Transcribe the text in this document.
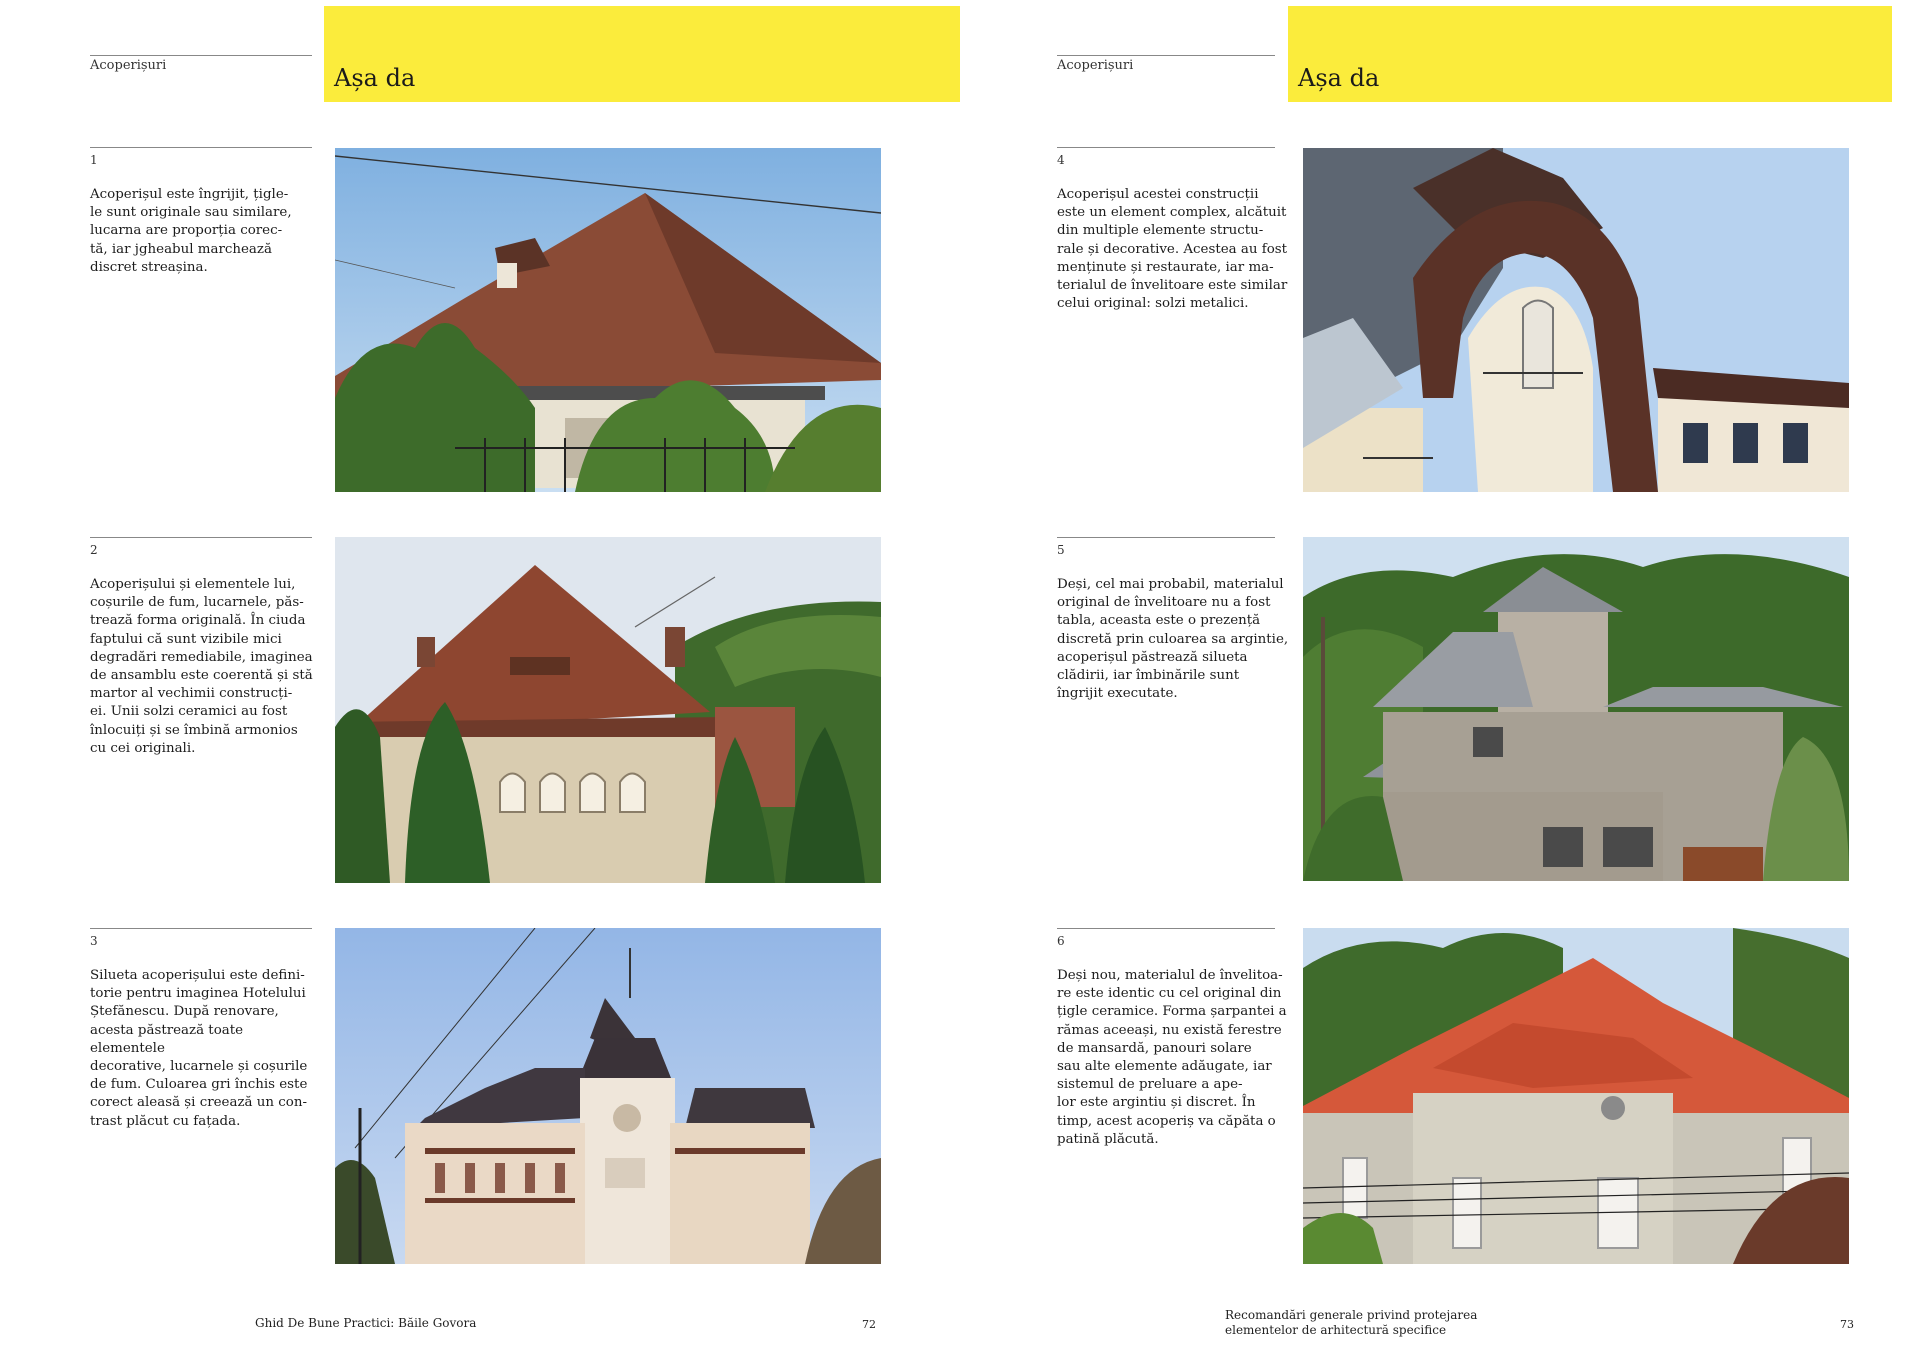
Acoperișuri	Așa da
1
Acoperișul este îngrijit, țigle-
le sunt originale sau similare,
lucarna are proporția corec-
tă, iar jgheabul marchează
discret streașina.
2
Acoperișului și elementele lui,
coșurile de fum, lucarnele, păs-
trează forma originală. În ciuda
faptului că sunt vizibile mici
degradări remediabile, imaginea
de ansamblu este coerentă și stă
martor al vechimii construcți-
ei. Unii solzi ceramici au fost
înlocuiți și se îmbină armonios
cu cei originali.
3
Silueta acoperișului este defini-
torie pentru imaginea Hotelului
Ștefănescu. După renovare,
acesta păstrează toate elementele
decorative, lucarnele și coșurile
de fum. Culoarea gri închis este
corect aleasă și creează un con-
trast plăcut cu fațada.
Ghid De Bune Practici: Băile Govora	72
Acoperișuri	Așa da
4
Acoperișul acestei construcții
este un element complex, alcătuit
din multiple elemente structu-
rale și decorative. Acestea au fost
menținute și restaurate, iar ma-
terialul de învelitoare este similar
celui original: solzi metalici.
5
Deși, cel mai probabil, materialul
original de învelitoare nu a fost
tabla, aceasta este o prezență
discretă prin culoarea sa argintie,
acoperișul păstrează silueta
clădirii, iar îmbinările sunt
îngrijit executate.
6
Deși nou, materialul de învelitoa-
re este identic cu cel original din
țigle ceramice. Forma șarpantei a
rămas aceeași, nu există ferestre
de mansardă, panouri solare
sau alte elemente adăugate, iar
sistemul de preluare a ape-
lor este argintiu și discret. În
timp, acest acoperiș va căpăta o
patină plăcută.
Recomandări generale privind protejarea
elementelor de arhitectură specifice	73
